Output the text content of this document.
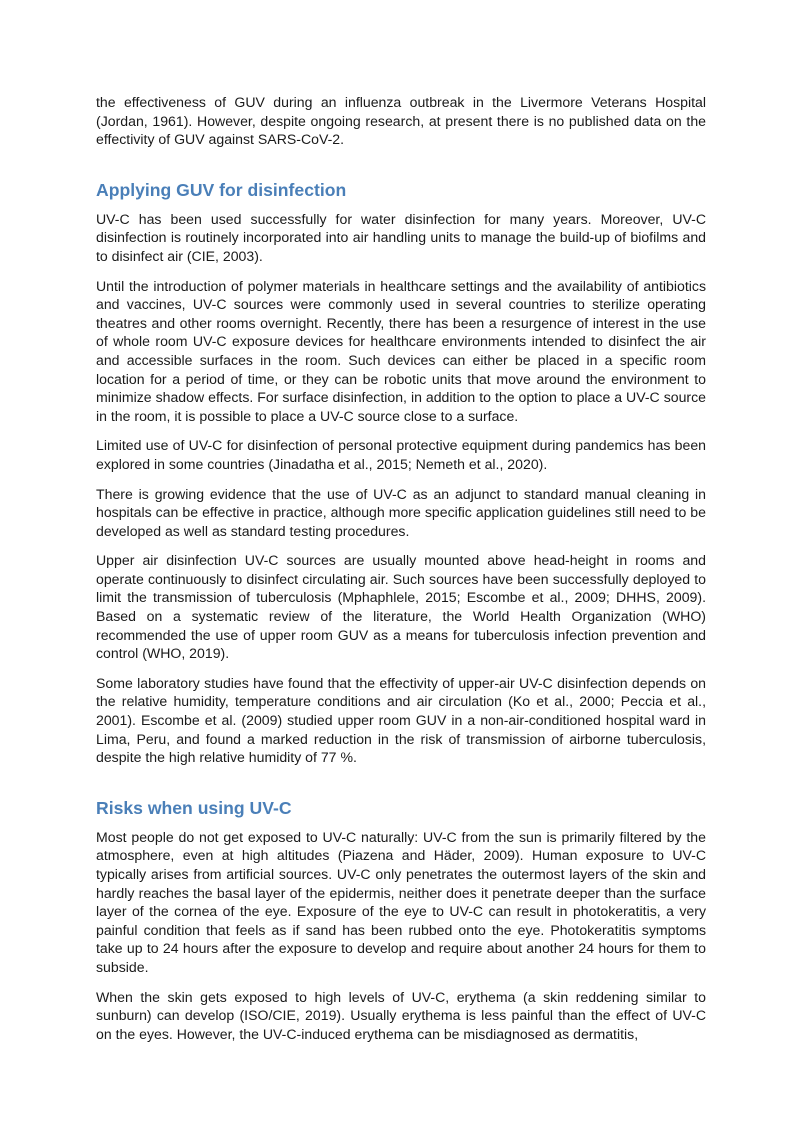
the effectiveness of GUV during an influenza outbreak in the Livermore Veterans Hospital (Jordan, 1961). However, despite ongoing research, at present there is no published data on the effectivity of GUV against SARS-CoV-2.

Applying GUV for disinfection

UV-C has been used successfully for water disinfection for many years. Moreover, UV-C disinfection is routinely incorporated into air handling units to manage the build-up of biofilms and to disinfect air (CIE, 2003).

Until the introduction of polymer materials in healthcare settings and the availability of antibiotics and vaccines, UV-C sources were commonly used in several countries to sterilize operating theatres and other rooms overnight. Recently, there has been a resurgence of interest in the use of whole room UV-C exposure devices for healthcare environments intended to disinfect the air and accessible surfaces in the room. Such devices can either be placed in a specific room location for a period of time, or they can be robotic units that move around the environment to minimize shadow effects. For surface disinfection, in addition to the option to place a UV-C source in the room, it is possible to place a UV-C source close to a surface.

Limited use of UV-C for disinfection of personal protective equipment during pandemics has been explored in some countries (Jinadatha et al., 2015; Nemeth et al., 2020).

There is growing evidence that the use of UV-C as an adjunct to standard manual cleaning in hospitals can be effective in practice, although more specific application guidelines still need to be developed as well as standard testing procedures.

Upper air disinfection UV-C sources are usually mounted above head-height in rooms and operate continuously to disinfect circulating air. Such sources have been successfully deployed to limit the transmission of tuberculosis (Mphaphlele, 2015; Escombe et al., 2009; DHHS, 2009). Based on a systematic review of the literature, the World Health Organization (WHO) recommended the use of upper room GUV as a means for tuberculosis infection prevention and control (WHO, 2019).

Some laboratory studies have found that the effectivity of upper-air UV-C disinfection depends on the relative humidity, temperature conditions and air circulation (Ko et al., 2000; Peccia et al., 2001). Escombe et al. (2009) studied upper room GUV in a non-air-conditioned hospital ward in Lima, Peru, and found a marked reduction in the risk of transmission of airborne tuberculosis, despite the high relative humidity of 77 %.

Risks when using UV-C

Most people do not get exposed to UV-C naturally: UV-C from the sun is primarily filtered by the atmosphere, even at high altitudes (Piazena and Häder, 2009). Human exposure to UV-C typically arises from artificial sources. UV-C only penetrates the outermost layers of the skin and hardly reaches the basal layer of the epidermis, neither does it penetrate deeper than the surface layer of the cornea of the eye. Exposure of the eye to UV-C can result in photokeratitis, a very painful condition that feels as if sand has been rubbed onto the eye. Photokeratitis symptoms take up to 24 hours after the exposure to develop and require about another 24 hours for them to subside.

When the skin gets exposed to high levels of UV-C, erythema (a skin reddening similar to sunburn) can develop (ISO/CIE, 2019). Usually erythema is less painful than the effect of UV-C on the eyes. However, the UV-C-induced erythema can be misdiagnosed as dermatitis,
